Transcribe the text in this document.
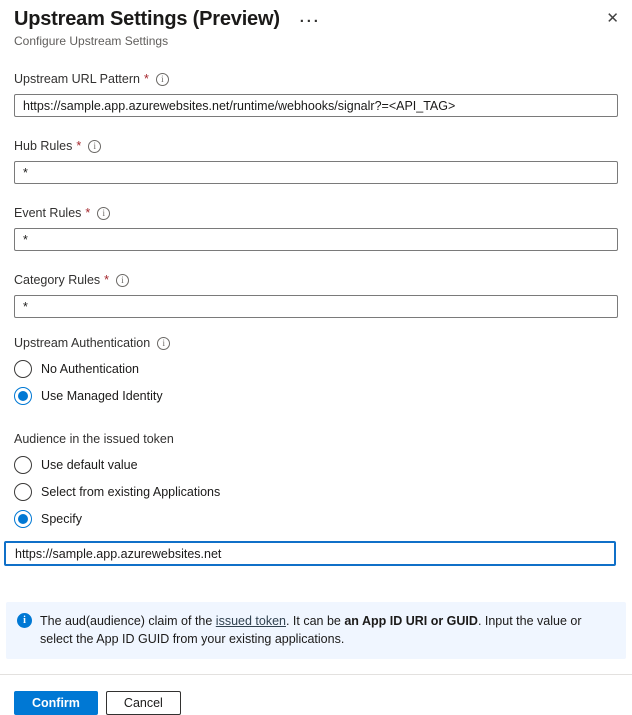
Upstream Settings (Preview) ···	✕
Configure Upstream Settings
Upstream URL Pattern *	i
https://sample.app.azurewebsites.net/runtime/webhooks/signalr?=<API_TAG>
Hub Rules *	i
*
Event Rules *	i
*
Category Rules *	i
*
Upstream Authentication	i
No Authentication
Use Managed Identity
Audience in the issued token
Use default value
Select from existing Applications
Specify
https://sample.app.azurewebsites.net
i	The aud(audience) claim of the issued token. It can be an App ID URI or GUID. Input the value or select the App ID GUID from your existing applications.
Confirm	Cancel
